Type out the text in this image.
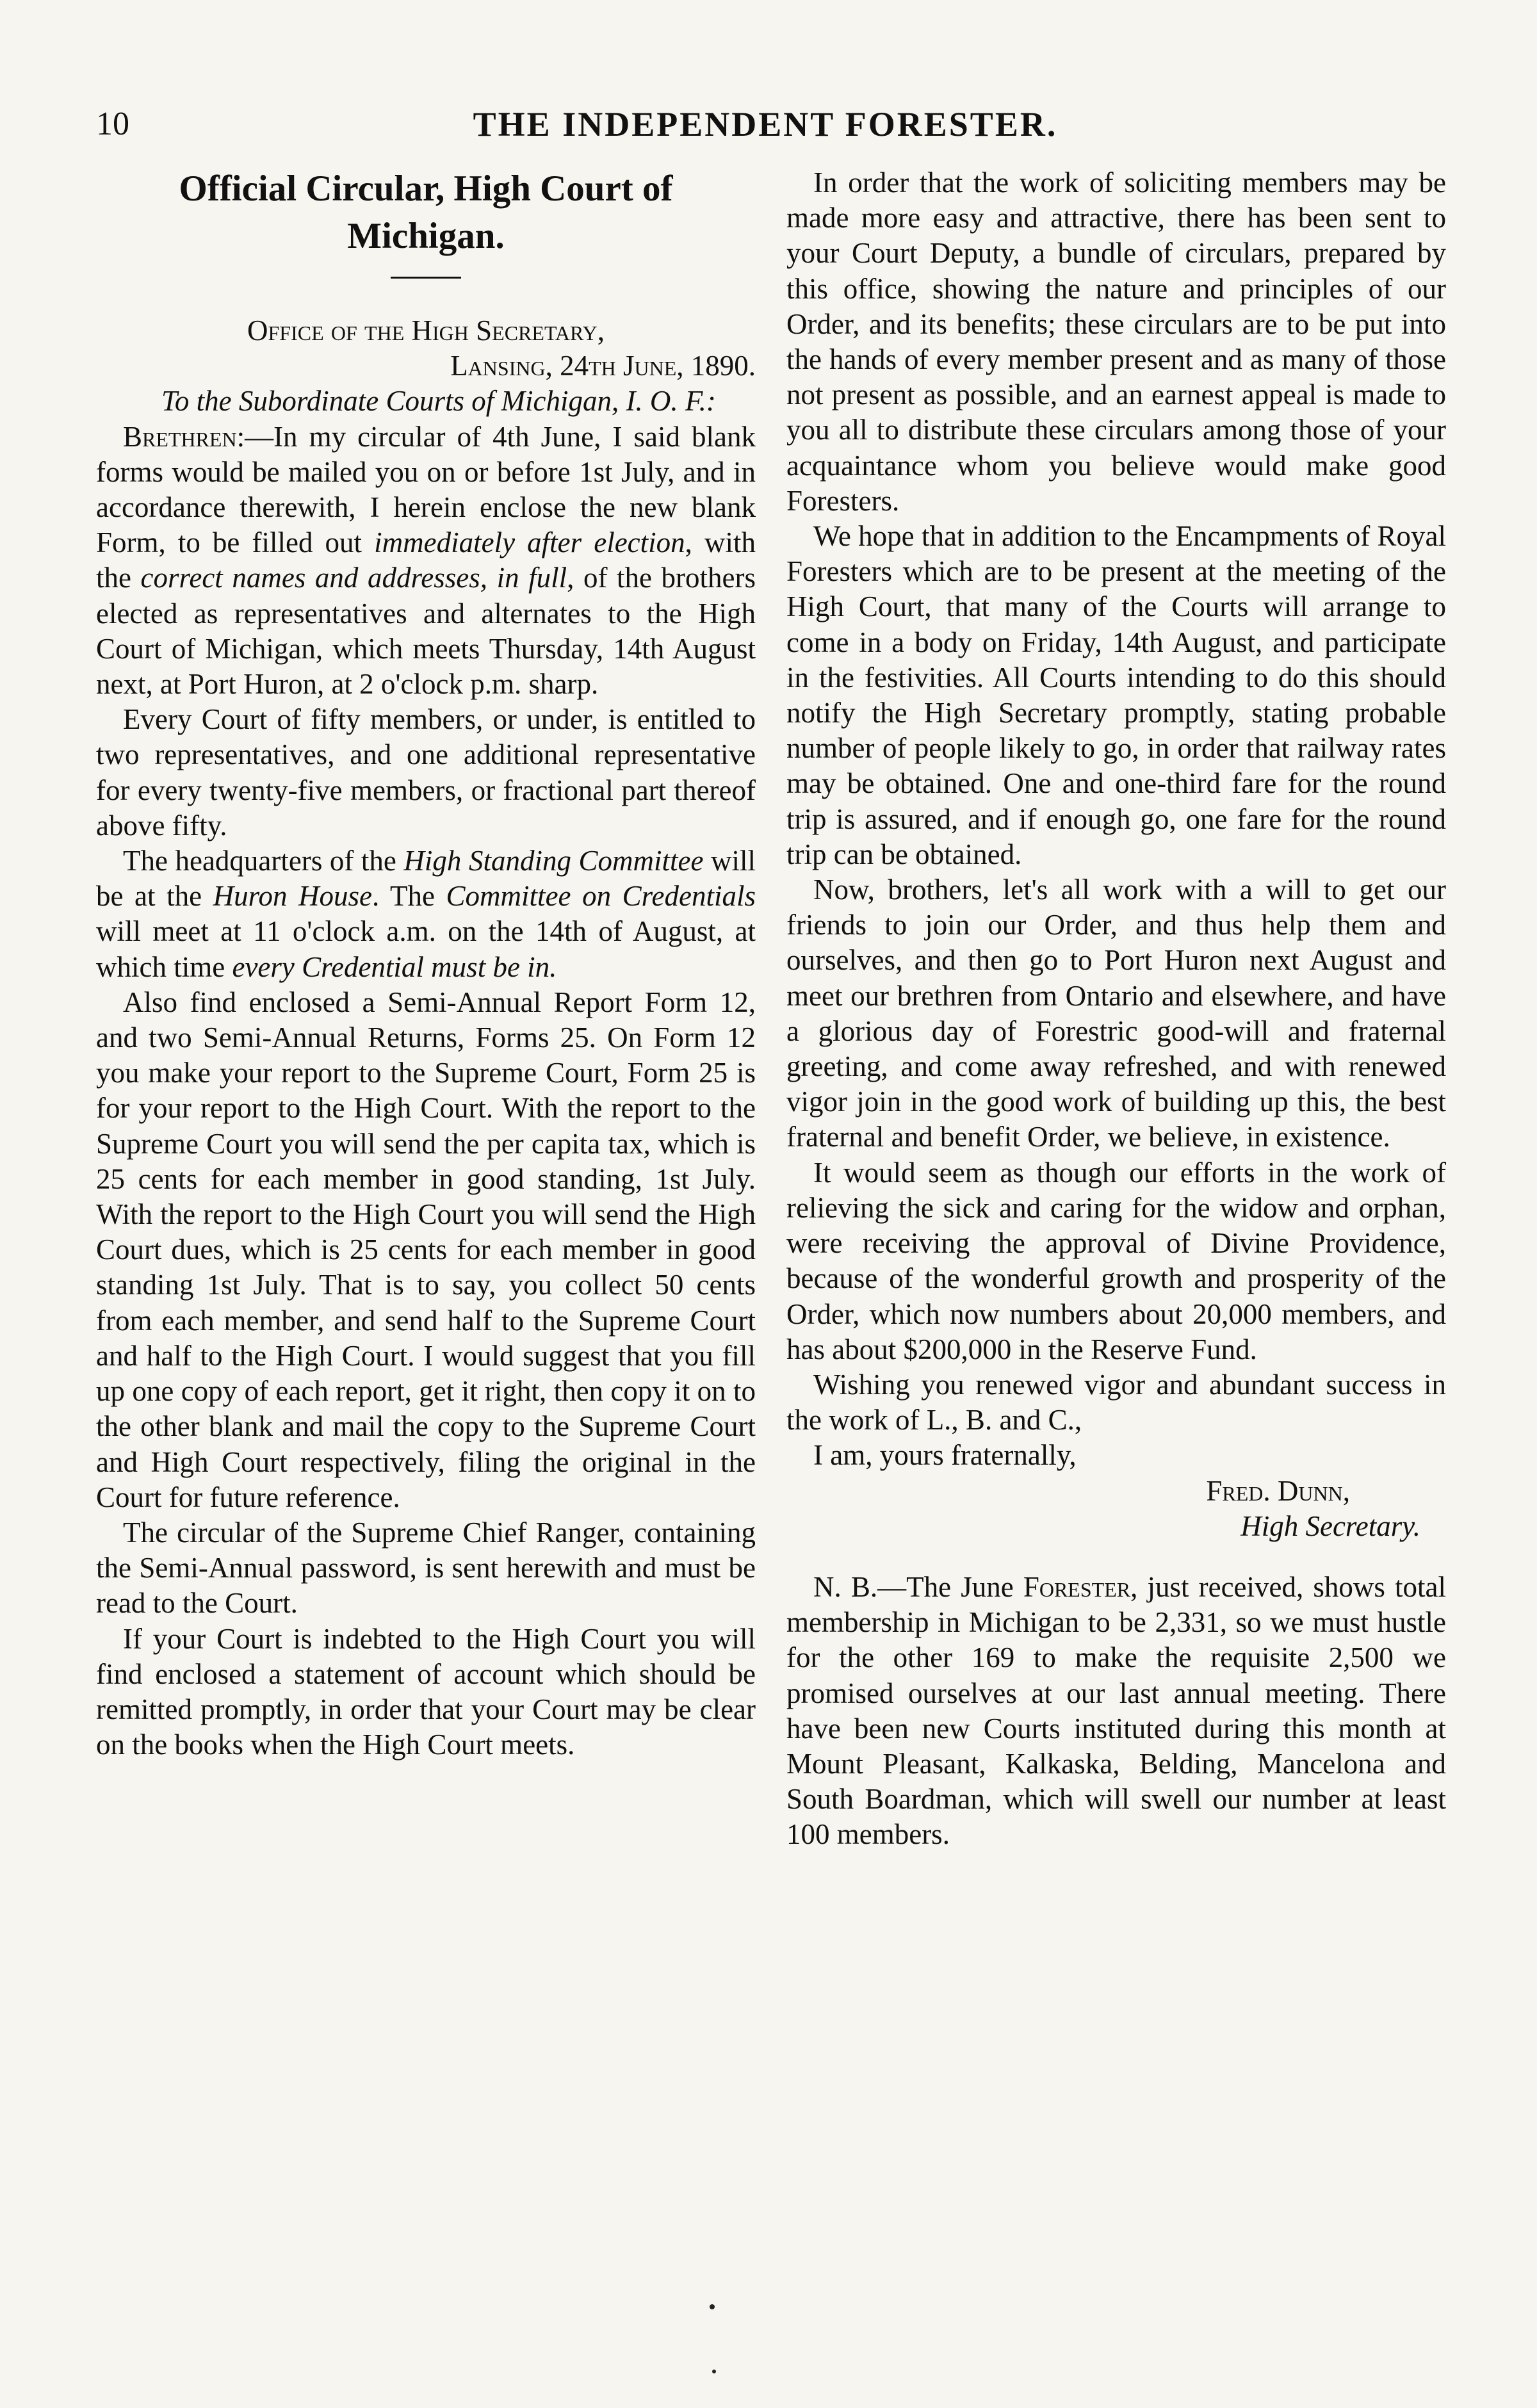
10	THE INDEPENDENT FORESTER.
Official Circular, High Court of Michigan.

Office of the High Secretary,

Lansing, 24th June, 1890.

To the Subordinate Courts of Michigan, I. O. F.:

Brethren:—In my circular of 4th June, I said blank forms would be mailed you on or before 1st July, and in accordance therewith, I herein enclose the new blank Form, to be filled out immediately after election, with the correct names and addresses, in full, of the brothers elected as representatives and alternates to the High Court of Michigan, which meets Thursday, 14th August next, at Port Huron, at 2 o'clock p.m. sharp.

Every Court of fifty members, or under, is entitled to two representatives, and one additional representative for every twenty-five members, or fractional part thereof above fifty.

The headquarters of the High Standing Committee will be at the Huron House. The Committee on Credentials will meet at 11 o'clock a.m. on the 14th of August, at which time every Credential must be in.

Also find enclosed a Semi-Annual Report Form 12, and two Semi-Annual Returns, Forms 25. On Form 12 you make your report to the Supreme Court, Form 25 is for your report to the High Court. With the report to the Supreme Court you will send the per capita tax, which is 25 cents for each member in good standing, 1st July. With the report to the High Court you will send the High Court dues, which is 25 cents for each member in good standing 1st July. That is to say, you collect 50 cents from each member, and send half to the Supreme Court and half to the High Court. I would suggest that you fill up one copy of each report, get it right, then copy it on to the other blank and mail the copy to the Supreme Court and High Court respectively, filing the original in the Court for future reference.

The circular of the Supreme Chief Ranger, containing the Semi-Annual password, is sent herewith and must be read to the Court.

If your Court is indebted to the High Court you will find enclosed a statement of account which should be remitted promptly, in order that your Court may be clear on the books when the High Court meets.

In order that the work of soliciting members may be made more easy and attractive, there has been sent to your Court Deputy, a bundle of circulars, prepared by this office, showing the nature and principles of our Order, and its benefits; these circulars are to be put into the hands of every member present and as many of those not present as possible, and an earnest appeal is made to you all to distribute these circulars among those of your acquaintance whom you believe would make good Foresters.

We hope that in addition to the Encampments of Royal Foresters which are to be present at the meeting of the High Court, that many of the Courts will arrange to come in a body on Friday, 14th August, and participate in the festivities. All Courts intending to do this should notify the High Secretary promptly, stating probable number of people likely to go, in order that railway rates may be obtained. One and one-third fare for the round trip is assured, and if enough go, one fare for the round trip can be obtained.

Now, brothers, let's all work with a will to get our friends to join our Order, and thus help them and ourselves, and then go to Port Huron next August and meet our brethren from Ontario and elsewhere, and have a glorious day of Forestric good-will and fraternal greeting, and come away refreshed, and with renewed vigor join in the good work of building up this, the best fraternal and benefit Order, we believe, in existence.

It would seem as though our efforts in the work of relieving the sick and caring for the widow and orphan, were receiving the approval of Divine Providence, because of the wonderful growth and prosperity of the Order, which now numbers about 20,000 members, and has about $200,000 in the Reserve Fund.

Wishing you renewed vigor and abundant success in the work of L., B. and C.,

I am, yours fraternally,

Fred. Dunn,

High Secretary.

N. B.—The June Forester, just received, shows total membership in Michigan to be 2,331, so we must hustle for the other 169 to make the requisite 2,500 we promised ourselves at our last annual meeting. There have been new Courts instituted during this month at Mount Pleasant, Kalkaska, Belding, Mancelona and South Boardman, which will swell our number at least 100 members.
